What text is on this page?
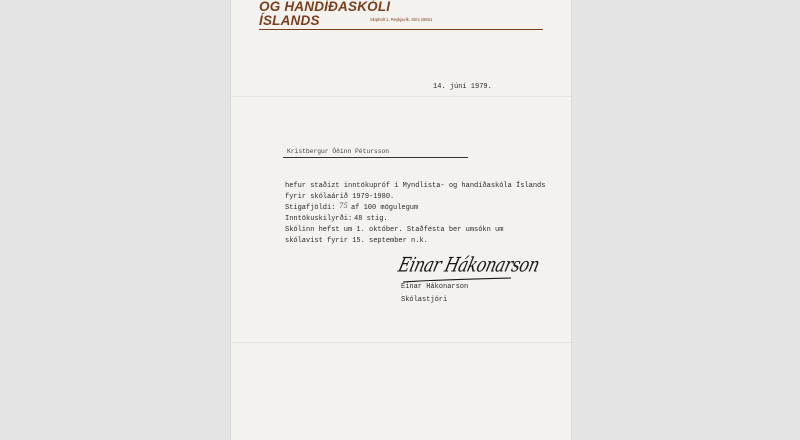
OG HANDÍÐASKÓLI
ÍSLANDS	Skipholt 1, Reykjavík, Sími 19821
14. júní 1979.
Kristbergur Óðinn Pétursson
hefur staðizt inntökupróf í Myndlista- og handíðaskóla Íslands
fyrir skólaárið 1979-1980.
Stigafjöldi: 75 af 100 mögulegum
Inntökuskilyrði: 48 stig.
Skólinn hefst um 1. október. Staðfesta ber umsókn um
skólavist fyrir 15. september n.k.
Einar Hákonarson
Einar Hákonarson
Skólastjóri
